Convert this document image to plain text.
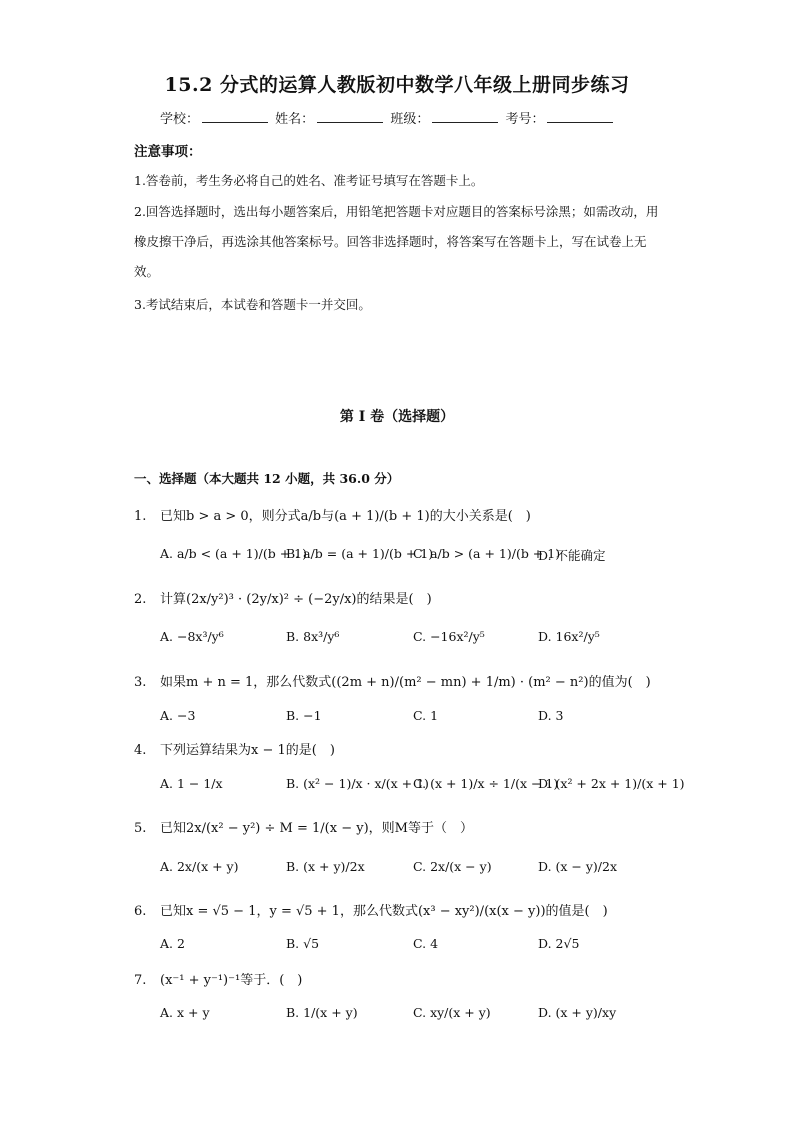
15.2 分式的运算人教版初中数学八年级上册同步练习
学校：	姓名：	班级：	考号：
注意事项：
1.答卷前，考生务必将自己的姓名、准考证号填写在答题卡上。
2.回答选择题时，选出每小题答案后，用铅笔把答题卡对应题目的答案标号涂黑；如需改动，用橡皮擦干净后，再选涂其他答案标号。回答非选择题时，将答案写在答题卡上，写在试卷上无效。
3.考试结束后，本试卷和答题卡一并交回。
第 I 卷（选择题）
一、选择题（本大题共 12 小题，共 36.0 分）
1. 已知b > a > 0，则分式a/b与(a + 1)/(b + 1)的大小关系是(　)
A. a/b < (a + 1)/(b + 1)
B. a/b = (a + 1)/(b + 1)
C. a/b > (a + 1)/(b + 1)
D. 不能确定
2. 计算(2x/y²)³ · (2y/x)² ÷ (−2y/x)的结果是(　)
A. −8x³/y⁶	B. 8x³/y⁶	C. −16x²/y⁵	D. 16x²/y⁵
3. 如果m + n = 1，那么代数式((2m + n)/(m² − mn) + 1/m) · (m² − n²)的值为(　)
A. −3	B. −1	C. 1	D. 3
4. 下列运算结果为x − 1的是(　)
A. 1 − 1/x	B. (x² − 1)/x · x/(x + 1)
C. (x + 1)/x ÷ 1/(x − 1)
D. (x² + 2x + 1)/(x + 1)
5. 已知2x/(x² − y²) ÷ M = 1/(x − y)，则M等于（　）
A. 2x/(x + y)	B. (x + y)/2x	C. 2x/(x − y)	D. (x − y)/2x
6. 已知x = √5 − 1，y = √5 + 1，那么代数式(x³ − xy²)/(x(x − y))的值是(　)
A. 2	B. √5	C. 4	D. 2√5
7. (x⁻¹ + y⁻¹)⁻¹等于．(　)
A. x + y	B. 1/(x + y)	C. xy/(x + y)	D. (x + y)/xy
